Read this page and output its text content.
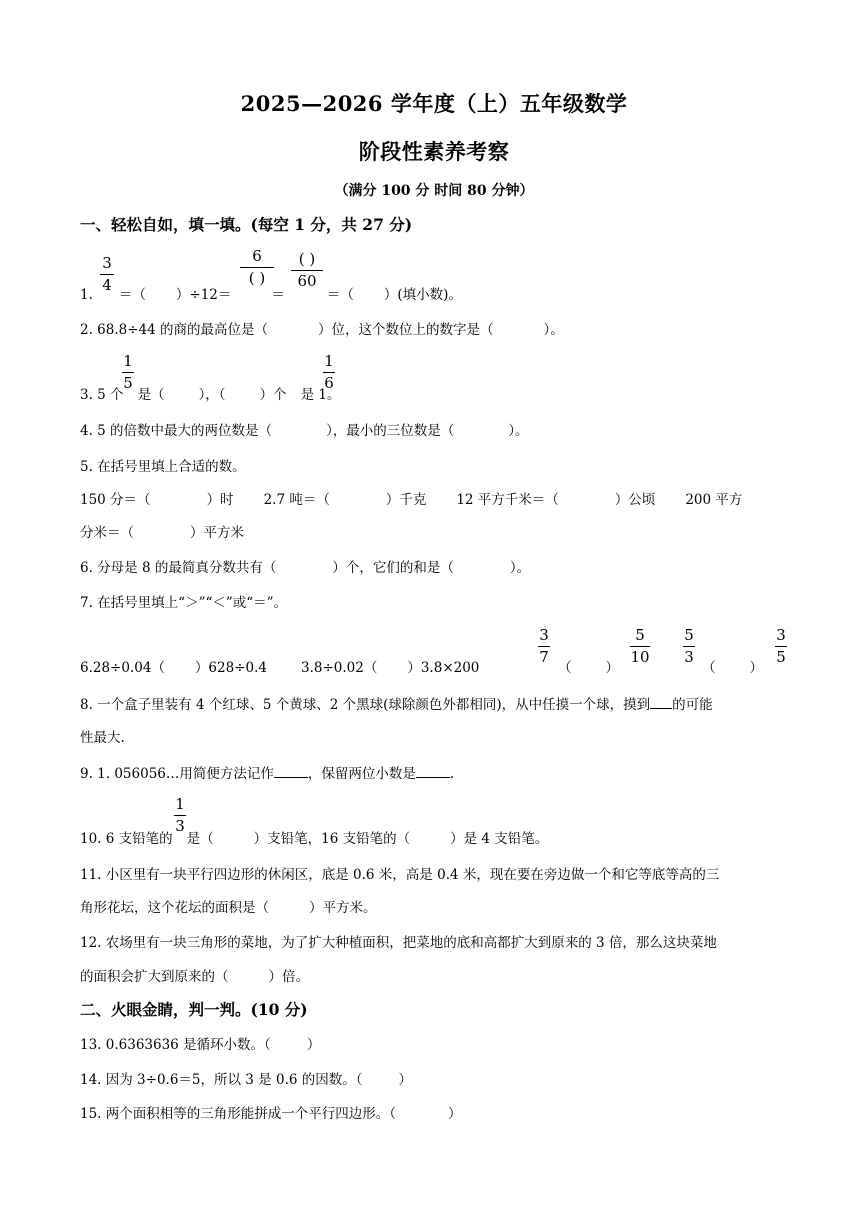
2025—2026 学年度（上）五年级数学
阶段性素养考察
（满分 100 分 时间 80 分钟）
一、轻松自如，填一填。(每空 1 分，共 27 分)
1. ＝（ ）÷12＝	＝	＝（ ）(填小数)。
3
4
6
( )
( )
60
2. 68.8÷44 的商的最高位是（	）位，这个数位上的数字是（	）。
3. 5 个 是（	），（	）个 是 1。
1
5
1
6
4. 5 的倍数中最大的两位数是（	），最小的三位数是（	）。
5. 在括号里填上合适的数。
150 分＝（	）时 2.7 吨＝（	）千克 12 平方千米＝（	）公顷 200 平方
分米＝（	）平方米
6. 分母是 8 的最简真分数共有（	）个，它们的和是（	）。
7. 在括号里填上“＞”“＜”或“＝”。
6.28÷0.04（ ）628÷0.4	3.8÷0.02（ ）3.8×200
3
7
（	）
5
10
5
3
（	）
3
5
8. 一个盒子里装有 4 个红球、5 个黄球、2 个黑球(球除颜色外都相同)，从中任摸一个球，摸到 的可能
性最大.
9. 1. 056056…用简便方法记作	，保留两位小数是	.
10. 6 支铅笔的 是（	）支铅笔，16 支铅笔的（	）是 4 支铅笔。
1
3
11. 小区里有一块平行四边形的休闲区，底是 0.6 米，高是 0.4 米，现在要在旁边做一个和它等底等高的三
角形花坛，这个花坛的面积是（	）平方米。
12. 农场里有一块三角形的菜地，为了扩大种植面积，把菜地的底和高都扩大到原来的 3 倍，那么这块菜地
的面积会扩大到原来的（	）倍。
二、火眼金睛，判一判。(10 分)
13. 0.6363636 是循环小数。（	）
14. 因为 3÷0.6＝5，所以 3 是 0.6 的因数。（	）
15. 两个面积相等的三角形能拼成一个平行四边形。（	）
